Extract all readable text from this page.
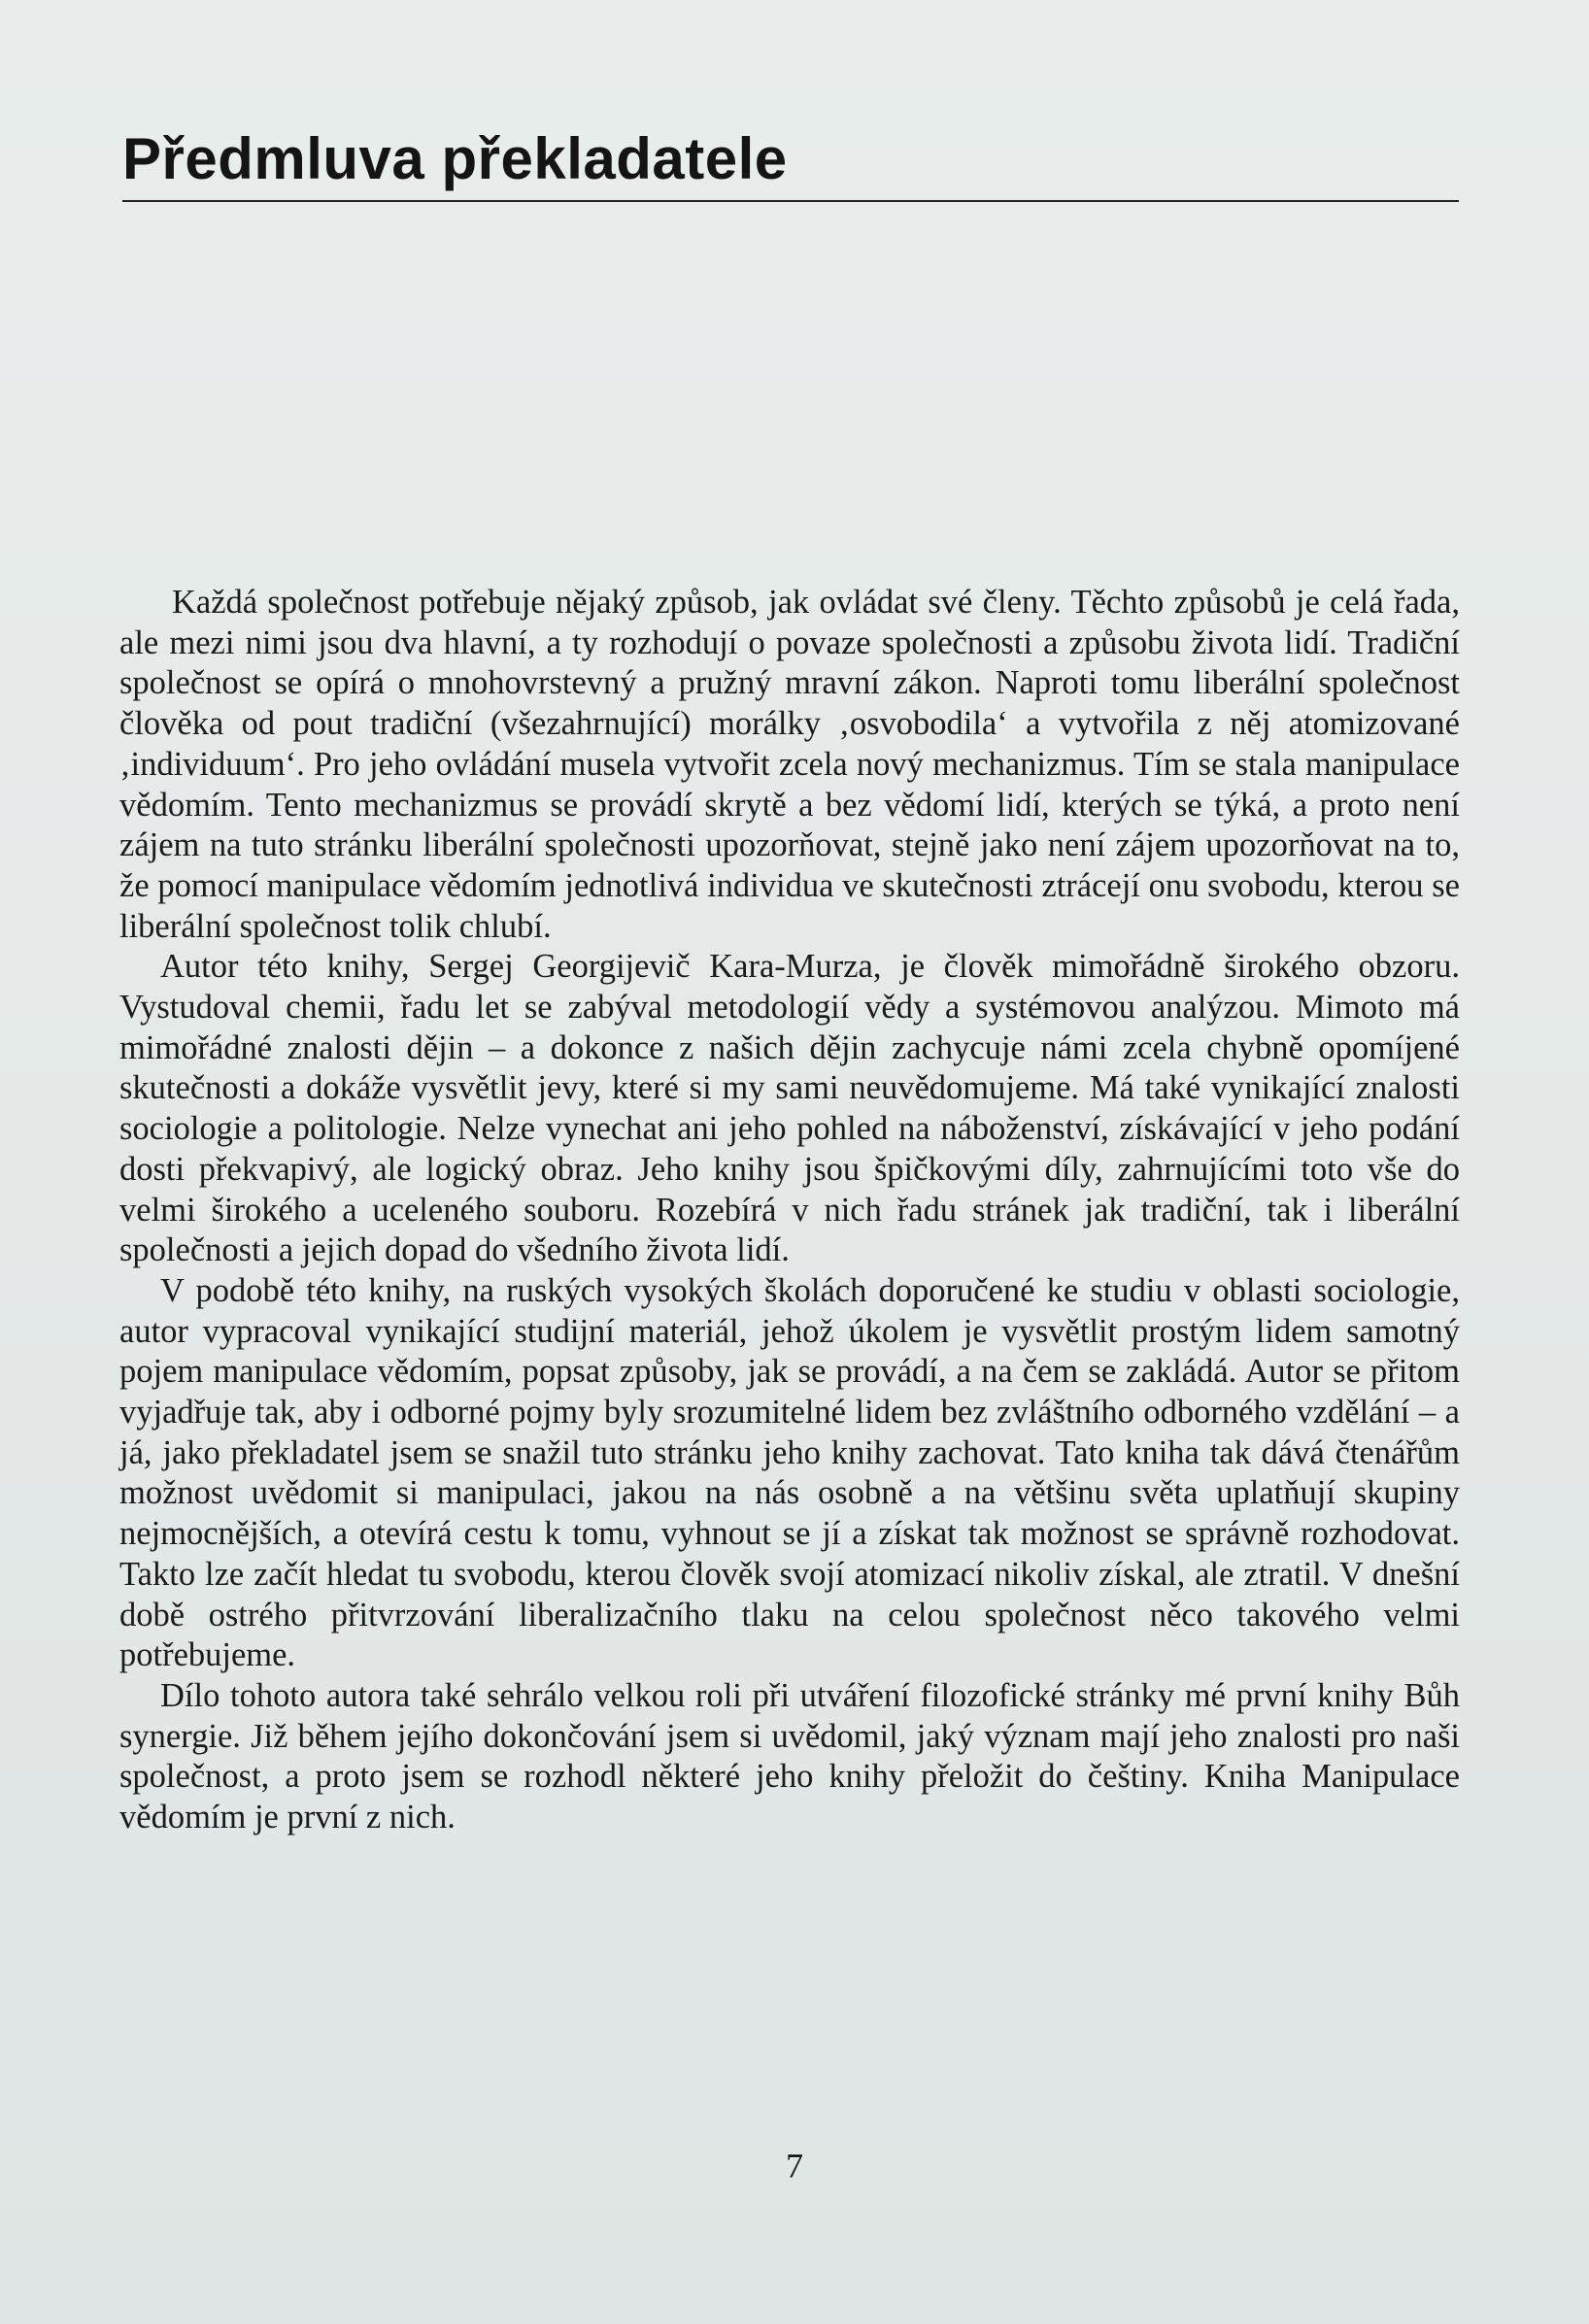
Předmluva překladatele

Každá společnost potřebuje nějaký způsob, jak ovládat své členy. Těchto způsobů je celá řada, ale mezi nimi jsou dva hlavní, a ty rozhodují o povaze společnosti a způsobu života lidí. Tradiční společnost se opírá o mnohovrstevný a pružný mravní zákon. Naproti tomu liberální společnost člověka od pout tradiční (všezahrnující) morálky ‚osvobodila‘ a vytvořila z něj atomizované ‚individuum‘. Pro jeho ovládání musela vytvořit zcela nový mechanizmus. Tím se stala manipulace vědomím. Tento mechanizmus se provádí skrytě a bez vědomí lidí, kterých se týká, a proto není zájem na tuto stránku liberální společnosti upozorňovat, stejně jako není zájem upozorňovat na to, že pomocí manipulace vědomím jednotlivá individua ve skutečnosti ztrácejí onu svobodu, kterou se liberální společnost tolik chlubí.

Autor této knihy, Sergej Georgijevič Kara-Murza, je člověk mimořádně širokého obzoru. Vystudoval chemii, řadu let se zabýval metodologií vědy a systémovou analýzou. Mimoto má mimořádné znalosti dějin – a dokonce z našich dějin zachycuje námi zcela chybně opomíjené skutečnosti a dokáže vysvětlit jevy, které si my sami neuvědomujeme. Má také vynikající znalosti sociologie a politologie. Nelze vynechat ani jeho pohled na náboženství, získávající v jeho podání dosti překvapivý, ale logický obraz. Jeho knihy jsou špičkovými díly, zahrnujícími toto vše do velmi širokého a uceleného souboru. Rozebírá v nich řadu stránek jak tradiční, tak i liberální společnosti a jejich dopad do všedního života lidí.

V podobě této knihy, na ruských vysokých školách doporučené ke studiu v oblasti sociologie, autor vypracoval vynikající studijní materiál, jehož úkolem je vysvětlit prostým lidem samotný pojem manipulace vědomím, popsat způsoby, jak se provádí, a na čem se zakládá. Autor se přitom vyjadřuje tak, aby i odborné pojmy byly srozumitelné lidem bez zvláštního odborného vzdělání – a já, jako překladatel jsem se snažil tuto stránku jeho knihy zachovat. Tato kniha tak dává čtenářům možnost uvědomit si manipulaci, jakou na nás osobně a na většinu světa uplatňují skupiny nejmocnějších, a otevírá cestu k tomu, vyhnout se jí a získat tak možnost se správně rozhodovat. Takto lze začít hledat tu svobodu, kterou člověk svojí atomizací nikoliv získal, ale ztratil. V dnešní době ostrého přitvrzování liberalizačního tlaku na celou společnost něco takového velmi potřebujeme.

Dílo tohoto autora také sehrálo velkou roli při utváření filozofické stránky mé první knihy Bůh synergie. Již během jejího dokončování jsem si uvědomil, jaký význam mají jeho znalosti pro naši společnost, a proto jsem se rozhodl některé jeho knihy přeložit do češtiny. Kniha Manipulace vědomím je první z nich.

7
